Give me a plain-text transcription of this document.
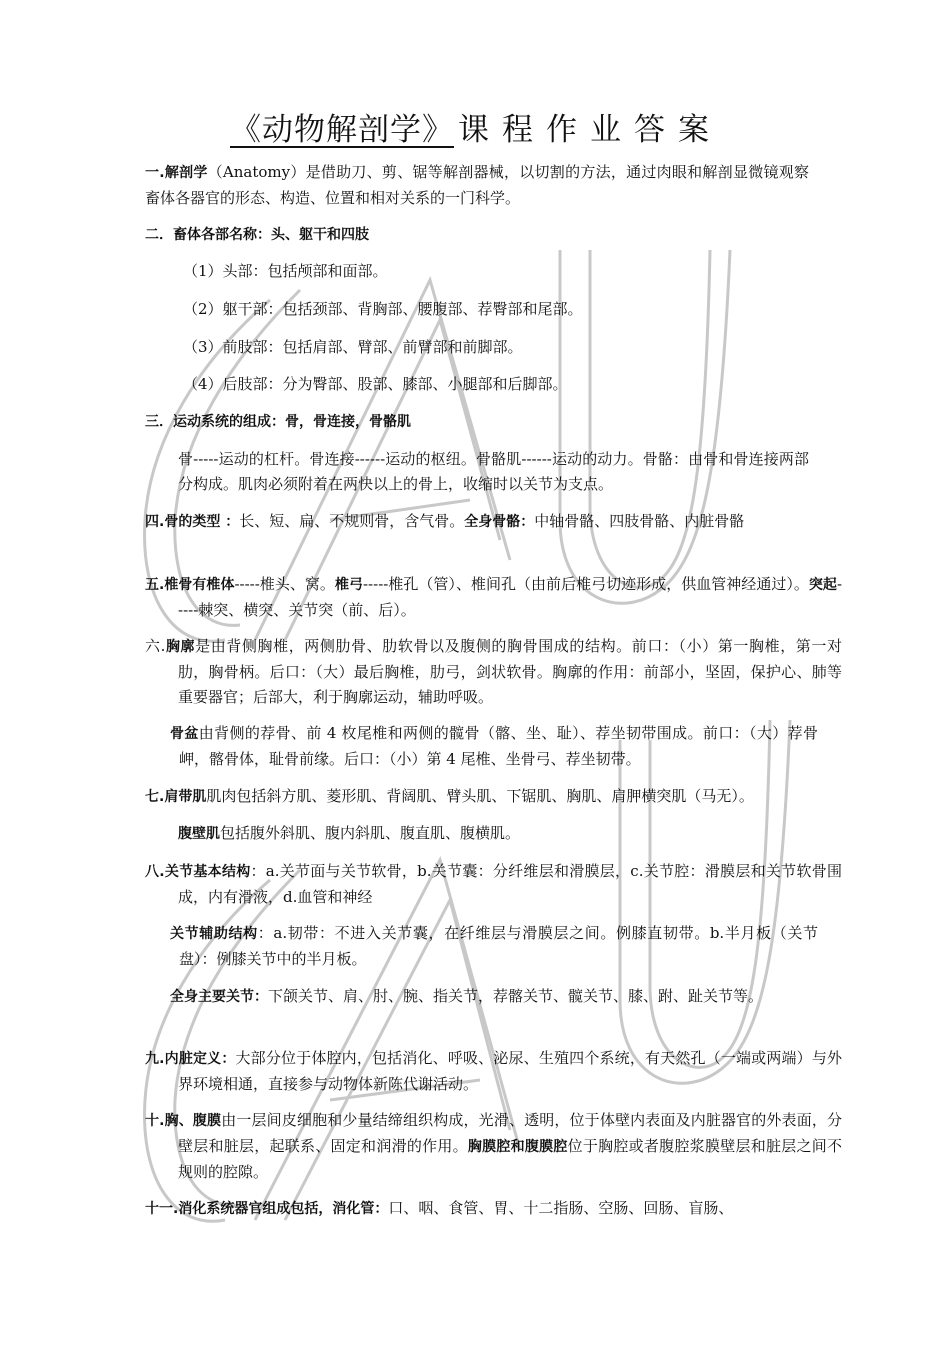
《动物解剖学》 课程作业答案
一.解剖学（Anatomy）是借助刀、剪、锯等解剖器械，以切割的方法，通过肉眼和解剖显微镜观察畜体各器官的形态、构造、位置和相对关系的一门科学。
二．畜体各部名称：头、躯干和四肢
（1）头部：包括颅部和面部。
（2）躯干部：包括颈部、背胸部、腰腹部、荐臀部和尾部。
（3）前肢部：包括肩部、臂部、前臂部和前脚部。
（4）后肢部：分为臀部、股部、膝部、小腿部和后脚部。
三．运动系统的组成：骨，骨连接，骨骼肌
骨-----运动的杠杆。骨连接------运动的枢纽。骨骼肌------运动的动力。骨骼：由骨和骨连接两部分构成。肌肉必须附着在两快以上的骨上，收缩时以关节为支点。
四.骨的类型 ：长、短、扁、不规则骨，含气骨。全身骨骼：中轴骨骼、四肢骨骼、内脏骨骼
五.椎骨有椎体-----椎头、窝。椎弓-----椎孔（管）、椎间孔（由前后椎弓切迹形成，供血管神经通过）。突起-----棘突、横突、关节突（前、后）。
六.胸廓是由背侧胸椎，两侧肋骨、肋软骨以及腹侧的胸骨围成的结构。前口：（小）第一胸椎，第一对肋，胸骨柄。后口：（大）最后胸椎，肋弓，剑状软骨。胸廓的作用：前部小，坚固，保护心、肺等重要器官；后部大，利于胸廓运动，辅助呼吸。
骨盆由背侧的荐骨、前 4 枚尾椎和两侧的髋骨（髂、坐、耻）、荐坐韧带围成。前口：（大）荐骨岬，髂骨体，耻骨前缘。后口：（小）第 4 尾椎、坐骨弓、荐坐韧带。
七.肩带肌肌肉包括斜方肌、菱形肌、背阔肌、臂头肌、下锯肌、胸肌、肩胛横突肌（马无）。
腹壁肌包括腹外斜肌、腹内斜肌、腹直肌、腹横肌。
八.关节基本结构：a.关节面与关节软骨，b.关节囊：分纤维层和滑膜层，c.关节腔：滑膜层和关节软骨围成，内有滑液，d.血管和神经
关节辅助结构：a.韧带：不进入关节囊，在纤维层与滑膜层之间。例膝直韧带。b.半月板（关节盘）：例膝关节中的半月板。
全身主要关节：下颌关节、肩、肘、腕、指关节，荐髂关节、髋关节、膝、跗、趾关节等。
九.内脏定义：大部分位于体腔内，包括消化、呼吸、泌尿、生殖四个系统，有天然孔（一端或两端）与外界环境相通，直接参与动物体新陈代谢活动。
十.胸、腹膜由一层间皮细胞和少量结缔组织构成，光滑、透明，位于体壁内表面及内脏器官的外表面，分壁层和脏层，起联系、固定和润滑的作用。胸膜腔和腹膜腔位于胸腔或者腹腔浆膜壁层和脏层之间不规则的腔隙。
十一.消化系统器官组成包括，消化管：口、咽、食管、胃、十二指肠、空肠、回肠、盲肠、
